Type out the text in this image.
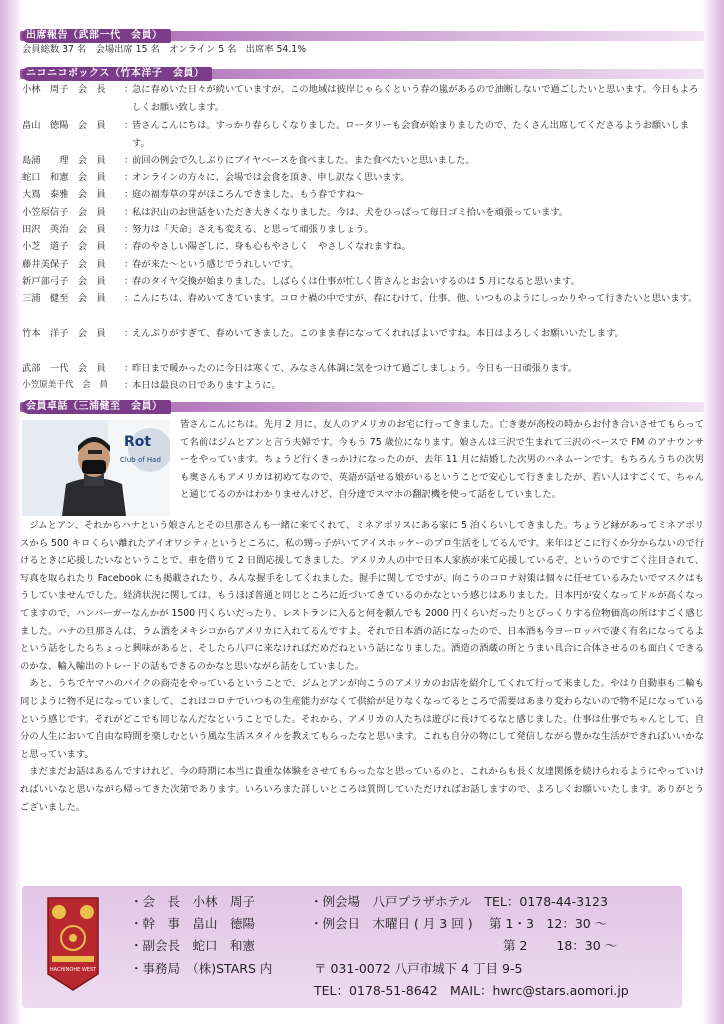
出席報告（武部一代　会員）
会員総数 37 名　会場出席 15 名　オンライン 5 名　出席率 54.1%
ニコニコボックス（竹本洋子　会員）
小林　周子　会　長	：
急に春めいた日々が続いていますが、この地域は彼岸じゃらくという春の嵐があるので油断しないで過ごしたいと思います。今日もよろしくお願い致します。
畠山　徳陽　会　員	：
皆さんこんにちは。すっかり春らしくなりました。ロータリーも会食が始まりましたので、たくさん出席してくださるようお願いします。
島浦　　理　会　員	：
前回の例会で久しぶりにブイヤベースを食べました。また食べたいと思いました。
蛇口　和憲　会　員	：
オンラインの方々に、会場では会食を頂き、申し訳なく思います。
大嶌　泰雅　会　員	：
庭の福寿草の芽がほころんできました。もう春ですね～
小笠原信子　会　員	：
私は沢山のお世話をいただき大きくなりました。今は、犬をひっぱって毎日ゴミ拾いを頑張っています。
田沢　英治　会　員	：
努力は「天命」さえも変える、と思って頑張りましょう。
小芝　道子　会　員	：
春のやさしい陽ざしに、身も心もやさしく　やさしくなれますね。
藤井美保子　会　員	：
春が来た～という感じでうれしいです。
新戸部弓子　会　員	：
春のタイヤ交換が始まりました。しばらくは仕事が忙しく皆さんとお会いするのは 5 月になると思います。
三浦　健至　会　員	：
こんにちは、春めいてきています。コロナ禍の中ですが、春にむけて、仕事、他、いつものようにしっかりやって行きたいと思います。
竹本　洋子　会　員	：
えんぶりがすぎて、春めいてきました。このまま春になってくれればよいですね。本日はよろしくお願いいたします。
武部　一代　会　員	：
昨日まで暖かったのに今日は寒くて、みなさん体調に気をつけて過ごしましょう。今日も一日頑張ります。
小笠原美千代　会　員	：
本日は最良の日でありますように。
会員卓話（三浦健至　会員）
Rot
Club of Had
皆さんこんにちは。先月 2 月に、友人のアメリカのお宅に行ってきました。亡き妻が高校の時からお付き合いさせてもらってて名前はジムとアンと言う夫婦です。今もう 75 歳位になります。娘さんは三沢で生まれて三沢のベースで FM のアナウンサーをやっています。ちょうど行くきっかけになったのが、去年 11 月に結婚した次男のハネムーンです。もちろんうちの次男も奥さんもアメリカは初めてなので、英語が話せる娘がいるということで安心して行きましたが、若い人はすごくて、ちゃんと通じてるのかはわかりませんけど、自分達でスマホの翻訳機を使って話をしていました。
ジムとアン、それからハナという娘さんとその旦那さんも一緒に来てくれて、ミネアポリスにある家に 5 泊くらいしてきました。ちょうど縁があってミネアポリスから 500 キロくらい離れたアイオワシティというところに、私の甥っ子がいてアイスホッケーのプロ生活をしてるんです。来年はどこに行くか分からないので行けるときに応援したいなということで、車を借りて 2 日間応援してきました。アメリカ人の中で日本人家族が来て応援しているぞ、というのですごく注目されて、写真を取られたり Facebook にも掲載されたり、みんな握手をしてくれました。握手に関してですが、向こうのコロナ対策は個々に任せているみたいでマスクはもうしていませんでした。経済状況に関しては、もうほぼ普通と同じところに近づいてきているのかなという感じはありました。日本円が安くなってドルが高くなってますので、ハンバーガーなんかが 1500 円くらいだったり、レストランに入ると何を頼んでも 2000 円くらいだったりとびっくりする位物価高の所はすごく感じました。ハナの旦那さんは、ラム酒をメキシコからアメリカに入れてるんですよ。それで日本酒の話になったので、日本酒も今ヨーロッパで凄く有名になってるよという話をしたらちょっと興味があると、そしたら八戸に来なければだめだねという話になりました。酒造の酒蔵の所とうまい具合に合体させるのも面白くできるのかな、輸入輸出のトレードの話もできるのかなと思いながら話をしていました。
あと、うちでヤマハのバイクの商売をやっているということで、ジムとアンが向こうのアメリカのお店を紹介してくれて行って来ました。やはり自動車も二輪も同じように物不足になっていまして、これはコロナでいつもの生産能力がなくて供給が足りなくなってるところで需要はあまり変わらないので物不足になっているという感じです。それがどこでも同じなんだなということでした。それから、アメリカの人たちは遊びに長けてるなと感じました。仕事は仕事でちゃんとして、自分の人生において自由な時間を楽しむという風な生活スタイルを教えてもらったなと思います。これも自分の物にして発信しながら豊かな生活ができればいいかなと思っています。
まだまだお話はあるんですけれど、今の時期に本当に貴重な体験をさせてもらったなと思っているのと、これからも長く友達関係を続けられるようにやっていければいいなと思いながら帰ってきた次第であります。いろいろまた詳しいところは質問していただければお話しますので、よろしくお願いいたします。ありがとうございました。
HACHINOHE WEST
・会　長　小林　周子
・幹　事　畠山　徳陽
・副会長　蛇口　和憲
・事務局　（株)STARS 内
・例会場　八戸プラザホテル　TEL：0178-44-3123
・例会日　木曜日 ( 月 3 回 )　 第 1・3　12：30 ～
第 2　　 18：30 ～
〒 031-0072 八戸市城下 4 丁目 9-5
TEL：0178-51-8642　MAIL：hwrc@stars.aomori.jp
